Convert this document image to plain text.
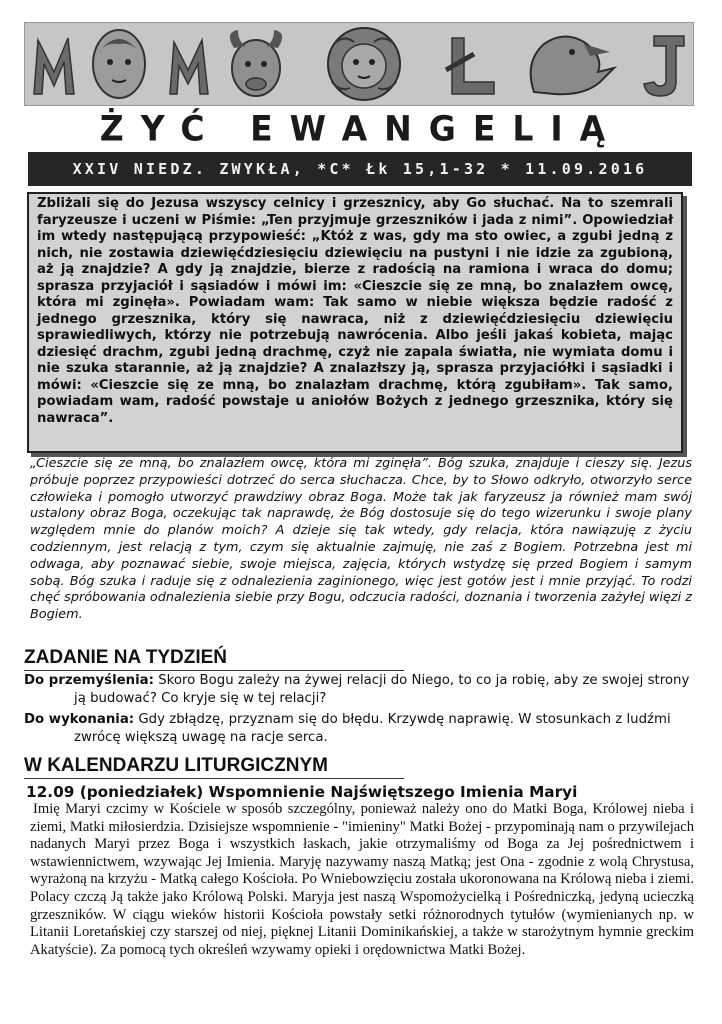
ŻYĆ EWANGELIĄ
XXIV NIEDZ. ZWYKŁA, *C* Łk 15,1-32 * 11.09.2016
Zbliżali się do Jezusa wszyscy celnicy i grzesznicy, aby Go słuchać. Na to szemrali faryzeusze i uczeni w Piśmie: „Ten przyjmuje grzeszników i jada z nimi”. Opowiedział im wtedy następującą przypowieść: „Któż z was, gdy ma sto owiec, a zgubi jedną z nich, nie zostawia dziewięćdziesięciu dziewięciu na pustyni i nie idzie za zgubioną, aż ją znajdzie? A gdy ją znajdzie, bierze z radością na ramiona i wraca do domu; sprasza przyjaciół i sąsiadów i mówi im: «Cieszcie się ze mną, bo znalazłem owcę, która mi zginęła». Powiadam wam: Tak samo w niebie większa będzie radość z jednego grzesznika, który się nawraca, niż z dziewięćdziesięciu dziewięciu sprawiedliwych, którzy nie potrzebują nawrócenia. Albo jeśli jakaś kobieta, mając dziesięć drachm, zgubi jedną drachmę, czyż nie zapala światła, nie wymiata domu i nie szuka starannie, aż ją znajdzie? A znalazłszy ją, sprasza przyjaciółki i sąsiadki i mówi: «Cieszcie się ze mną, bo znalazłam drachmę, którą zgubiłam». Tak samo, powiadam wam, radość powstaje u aniołów Bożych z jednego grzesznika, który się nawraca”.
„Cieszcie się ze mną, bo znalazłem owcę, która mi zginęła”. Bóg szuka, znajduje i cieszy się. Jezus próbuje poprzez przypowieści dotrzeć do serca słuchacza. Chce, by to Słowo odkryło, otworzyło serce człowieka i pomogło utworzyć prawdziwy obraz Boga. Może tak jak faryzeusz ja również mam swój ustalony obraz Boga, oczekując tak naprawdę, że Bóg dostosuje się do tego wizerunku i swoje plany względem mnie do planów moich? A dzieje się tak wtedy, gdy relacja, która nawiązuję z życiu codziennym, jest relacją z tym, czym się aktualnie zajmuję, nie zaś z Bogiem. Potrzebna jest mi odwaga, aby poznawać siebie, swoje miejsca, zajęcia, których wstydzę się przed Bogiem i samym sobą. Bóg szuka i raduje się z odnalezienia zaginionego, więc jest gotów jest i mnie przyjąć. To rodzi chęć spróbowania odnalezienia siebie przy Bogu, odczucia radości, doznania i tworzenia zażyłej więzi z Bogiem.
ZADANIE NA TYDZIEŃ
Do przemyślenia: Skoro Bogu zależy na żywej relacji do Niego, to co ja robię, aby ze swojej strony ją budować? Co kryje się w tej relacji?
Do wykonania: Gdy zbłądzę, przyznam się do błędu. Krzywdę naprawię. W stosunkach z ludźmi zwrócę większą uwagę na racje serca.
W KALENDARZU LITURGICZNYM
12.09 (poniedziałek) Wspomnienie Najświętszego Imienia Maryi
Imię Maryi czcimy w Kościele w sposób szczególny, ponieważ należy ono do Matki Boga, Królowej nieba i ziemi, Matki miłosierdzia. Dzisiejsze wspomnienie - "imieniny" Matki Bożej - przypominają nam o przywilejach nadanych Maryi przez Boga i wszystkich łaskach, jakie otrzymaliśmy od Boga za Jej pośrednictwem i wstawiennictwem, wzywając Jej Imienia. Maryję nazywamy naszą Matką; jest Ona - zgodnie z wolą Chrystusa, wyrażoną na krzyżu - Matką całego Kościoła. Po Wniebowzięciu została ukoronowana na Królową nieba i ziemi. Polacy czczą Ją także jako Królową Polski. Maryja jest naszą Wspomożycielką i Pośredniczką, jedyną ucieczką grzeszników. W ciągu wieków historii Kościoła powstały setki różnorodnych tytułów (wymienianych np. w Litanii Loretańskiej czy starszej od niej, pięknej Litanii Dominikańskiej, a także w starożytnym hymnie greckim Akatyście). Za pomocą tych określeń wzywamy opieki i orędownictwa Matki Bożej.
